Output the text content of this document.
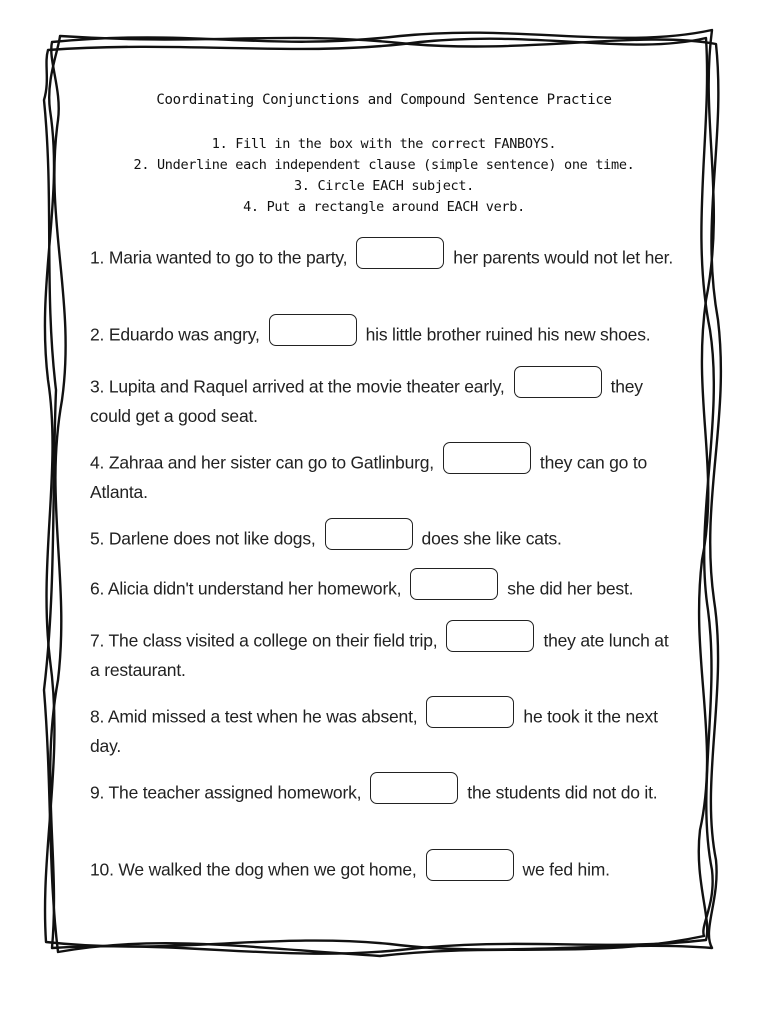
Coordinating Conjunctions and Compound Sentence Practice
1. Fill in the box with the correct FANBOYS.
2. Underline each independent clause (simple sentence) one time.
3. Circle EACH subject.
4. Put a rectangle around EACH verb.
1. Maria wanted to go to the party,	her parents would not let her.
2. Eduardo was angry,	his little brother ruined his new shoes.
3. Lupita and Raquel arrived at the movie theater early,	they could get a good seat.
4. Zahraa and her sister can go to Gatlinburg,	they can go to Atlanta.
5. Darlene does not like dogs,	does she like cats.
6. Alicia didn't understand her homework,	she did her best.
7. The class visited a college on their field trip,	they ate lunch at a restaurant.
8. Amid missed a test when he was absent,	he took it the next day.
9. The teacher assigned homework,	the students did not do it.
10. We walked the dog when we got home,	we fed him.
